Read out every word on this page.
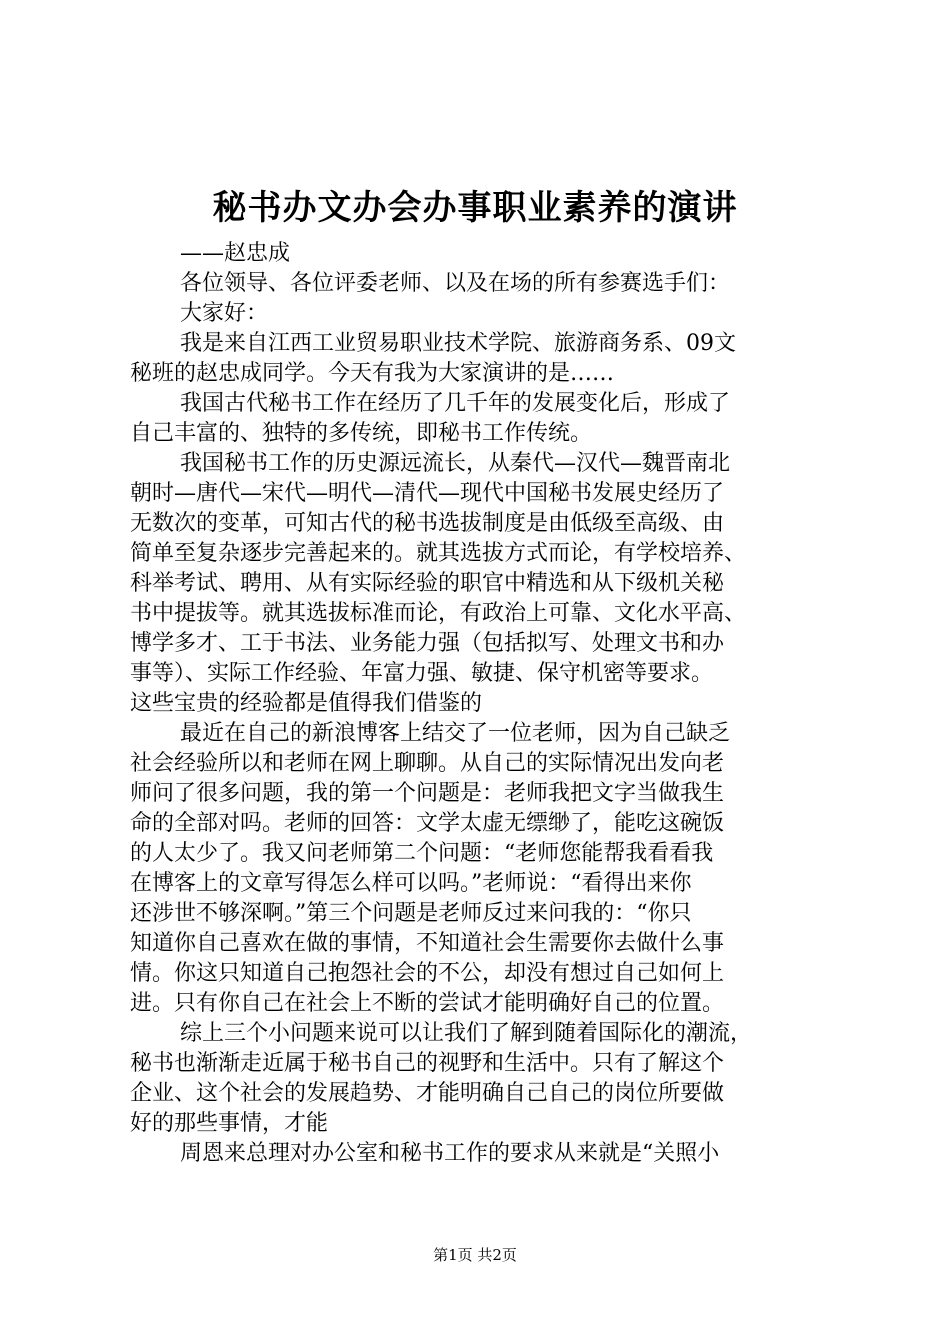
秘书办文办会办事职业素养的演讲
——赵忠成
各位领导、各位评委老师、以及在场的所有参赛选手们：
大家好：
我是来自江西工业贸易职业技术学院、旅游商务系、09文
秘班的赵忠成同学。今天有我为大家演讲的是……
我国古代秘书工作在经历了几千年的发展变化后，形成了
自己丰富的、独特的多传统，即秘书工作传统。
我国秘书工作的历史源远流长，从秦代—汉代—魏晋南北
朝时—唐代—宋代—明代—清代—现代中国秘书发展史经历了
无数次的变革，可知古代的秘书选拔制度是由低级至高级、由
简单至复杂逐步完善起来的。就其选拔方式而论，有学校培养、
科举考试、聘用、从有实际经验的职官中精选和从下级机关秘
书中提拔等。就其选拔标准而论，有政治上可靠、文化水平高、
博学多才、工于书法、业务能力强（包括拟写、处理文书和办
事等）、实际工作经验、年富力强、敏捷、保守机密等要求。
这些宝贵的经验都是值得我们借鉴的
最近在自己的新浪博客上结交了一位老师，因为自己缺乏
社会经验所以和老师在网上聊聊。从自己的实际情况出发向老
师问了很多问题，我的第一个问题是：老师我把文字当做我生
命的全部对吗。老师的回答：文学太虚无缥缈了，能吃这碗饭
的人太少了。我又问老师第二个问题：“老师您能帮我看看我
在博客上的文章写得怎么样可以吗。”老师说：“看得出来你
还涉世不够深啊。”第三个问题是老师反过来问我的：“你只
知道你自己喜欢在做的事情，不知道社会生需要你去做什么事
情。你这只知道自己抱怨社会的不公，却没有想过自己如何上
进。只有你自己在社会上不断的尝试才能明确好自己的位置。
综上三个小问题来说可以让我们了解到随着国际化的潮流，
秘书也渐渐走近属于秘书自己的视野和生活中。只有了解这个
企业、这个社会的发展趋势、才能明确自己自己的岗位所要做
好的那些事情，才能
周恩来总理对办公室和秘书工作的要求从来就是“关照小
第1页 共2页
